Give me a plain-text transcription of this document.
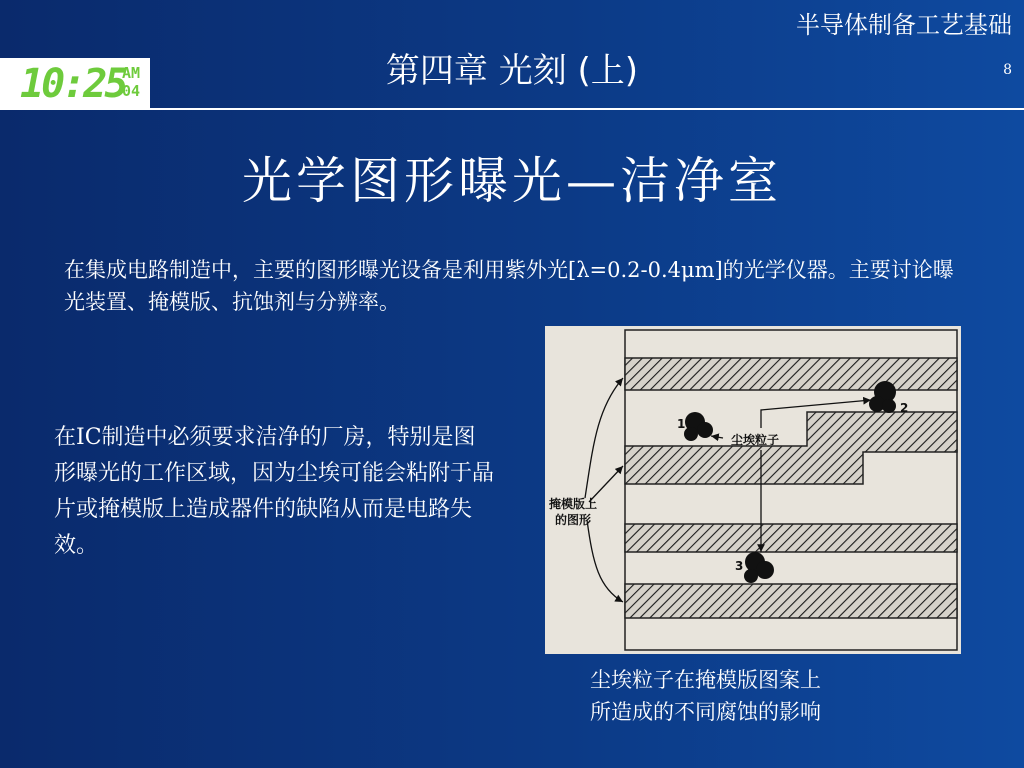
半导体制备工艺基础
10:25
AM
04	第四章 光刻 (上)	8
光学图形曝光—洁净室

在集成电路制造中，主要的图形曝光设备是利用紫外光[λ=0.2-0.4μm]的光学仪器。主要讨论曝光装置、掩模版、抗蚀剂与分辨率。

在IC制造中必须要求洁净的厂房，特别是图形曝光的工作区域，因为尘埃可能会粘附于晶片或掩模版上造成器件的缺陷从而是电路失效。

1
2
3
尘埃粒子
掩模版上
的图形

尘埃粒子在掩模版图案上
所造成的不同腐蚀的影响
